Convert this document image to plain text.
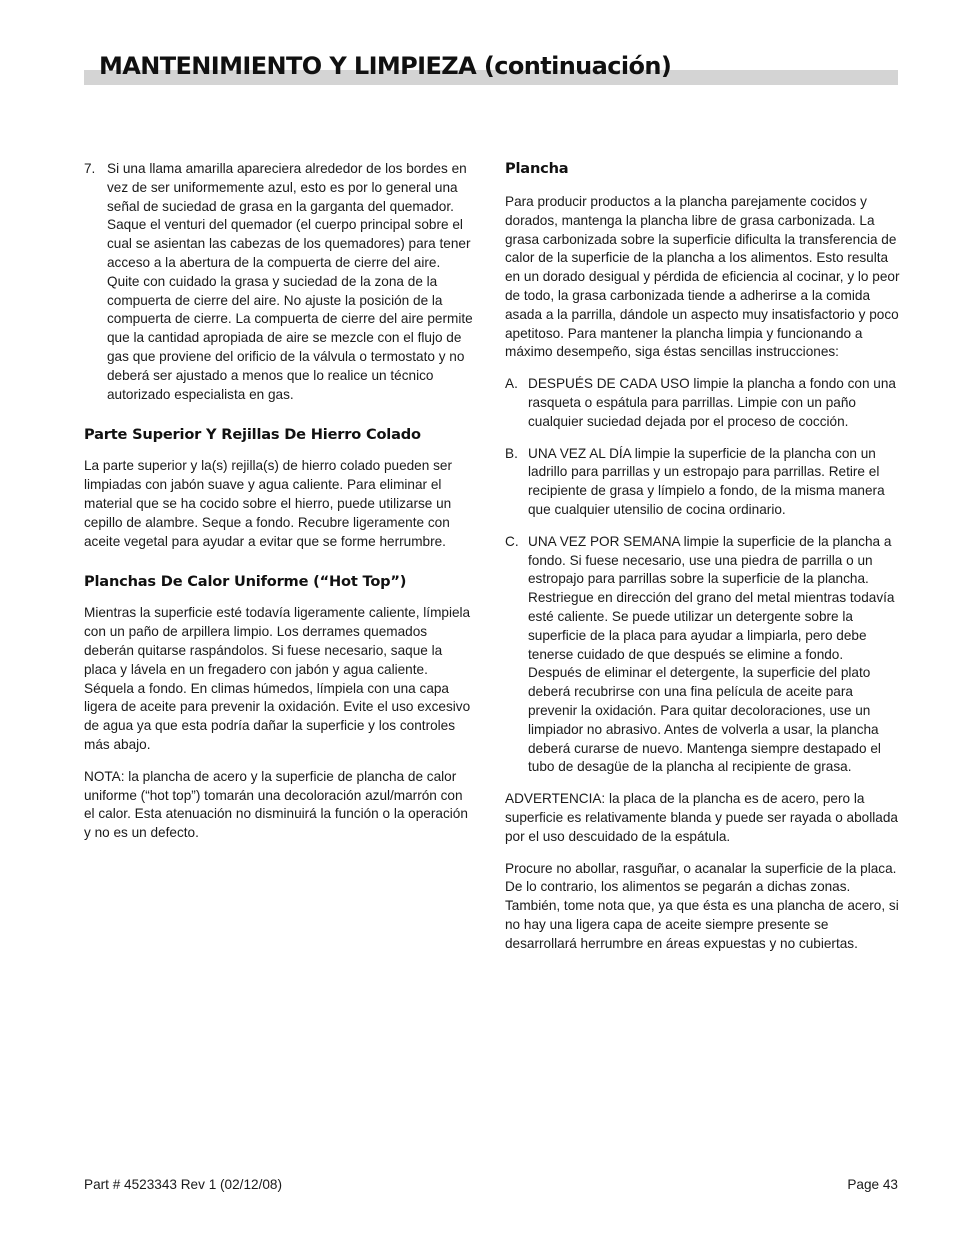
MANTENIMIENTO Y LIMPIEZA (continuación)
7. Si una llama amarilla apareciera alrededor de los bordes en vez de ser uniformemente azul, esto es por lo general una señal de suciedad de grasa en la garganta del quemador. Saque el venturi del quemador (el cuerpo principal sobre el cual se asientan las cabezas de los quemadores) para tener acceso a la abertura de la compuerta de cierre del aire. Quite con cuidado la grasa y suciedad de la zona de la compuerta de cierre del aire. No ajuste la posición de la compuerta de cierre. La compuerta de cierre del aire permite que la cantidad apropiada de aire se mezcle con el flujo de gas que proviene del orificio de la válvula o termostato y no deberá ser ajustado a menos que lo realice un técnico autorizado especialista en gas.
Parte Superior Y Rejillas De Hierro Colado

La parte superior y la(s) rejilla(s) de hierro colado pueden ser limpiadas con jabón suave y agua caliente. Para eliminar el material que se ha cocido sobre el hierro, puede utilizarse un cepillo de alambre. Seque a fondo. Recubre ligeramente con aceite vegetal para ayudar a evitar que se forme herrumbre.

Planchas De Calor Uniforme (“Hot Top”)

Mientras la superficie esté todavía ligeramente caliente, límpiela con un paño de arpillera limpio. Los derrames quemados deberán quitarse raspándolos. Si fuese necesario, saque la placa y lávela en un fregadero con jabón y agua caliente. Séquela a fondo. En climas húmedos, límpiela con una capa ligera de aceite para prevenir la oxidación. Evite el uso excesivo de agua ya que esta podría dañar la superficie y los controles más abajo.

NOTA: la plancha de acero y la superficie de plancha de calor uniforme (“hot top”) tomarán una decoloración azul/marrón con el calor. Esta atenuación no disminuirá la función o la operación y no es un defecto.

Plancha

Para producir productos a la plancha parejamente cocidos y dorados, mantenga la plancha libre de grasa carbonizada. La grasa carbonizada sobre la superficie dificulta la transferencia de calor de la superficie de la plancha a los alimentos. Esto resulta en un dorado desigual y pérdida de eficiencia al cocinar, y lo peor de todo, la grasa carbonizada tiende a adherirse a la comida asada a la parrilla, dándole un aspecto muy insatisfactorio y poco apetitoso. Para mantener la plancha limpia y funcionando a máximo desempeño, siga éstas sencillas instrucciones:

A. DESPUÉS DE CADA USO limpie la plancha a fondo con una rasqueta o espátula para parrillas. Limpie con un paño cualquier suciedad dejada por el proceso de cocción.
B. UNA VEZ AL DÍA limpie la superficie de la plancha con un ladrillo para parrillas y un estropajo para parrillas. Retire el recipiente de grasa y límpielo a fondo, de la misma manera que cualquier utensilio de cocina ordinario.
C. UNA VEZ POR SEMANA limpie la superficie de la plancha a fondo. Si fuese necesario, use una piedra de parrilla o un estropajo para parrillas sobre la superficie de la plancha. Restriegue en dirección del grano del metal mientras todavía esté caliente. Se puede utilizar un detergente sobre la superficie de la placa para ayudar a limpiarla, pero debe tenerse cuidado de que después se elimine a fondo. Después de eliminar el detergente, la superficie del plato deberá recubrirse con una fina película de aceite para prevenir la oxidación. Para quitar decoloraciones, use un limpiador no abrasivo. Antes de volverla a usar, la plancha deberá curarse de nuevo. Mantenga siempre destapado el tubo de desagüe de la plancha al recipiente de grasa.

ADVERTENCIA: la placa de la plancha es de acero, pero la superficie es relativamente blanda y puede ser rayada o abollada por el uso descuidado de la espátula.

Procure no abollar, rasguñar, o acanalar la superficie de la placa. De lo contrario, los alimentos se pegarán a dichas zonas. También, tome nota que, ya que ésta es una plancha de acero, si no hay una ligera capa de aceite siempre presente se desarrollará herrumbre en áreas expuestas y no cubiertas.

Part # 4523343 Rev 1 (02/12/08)	Page 43
